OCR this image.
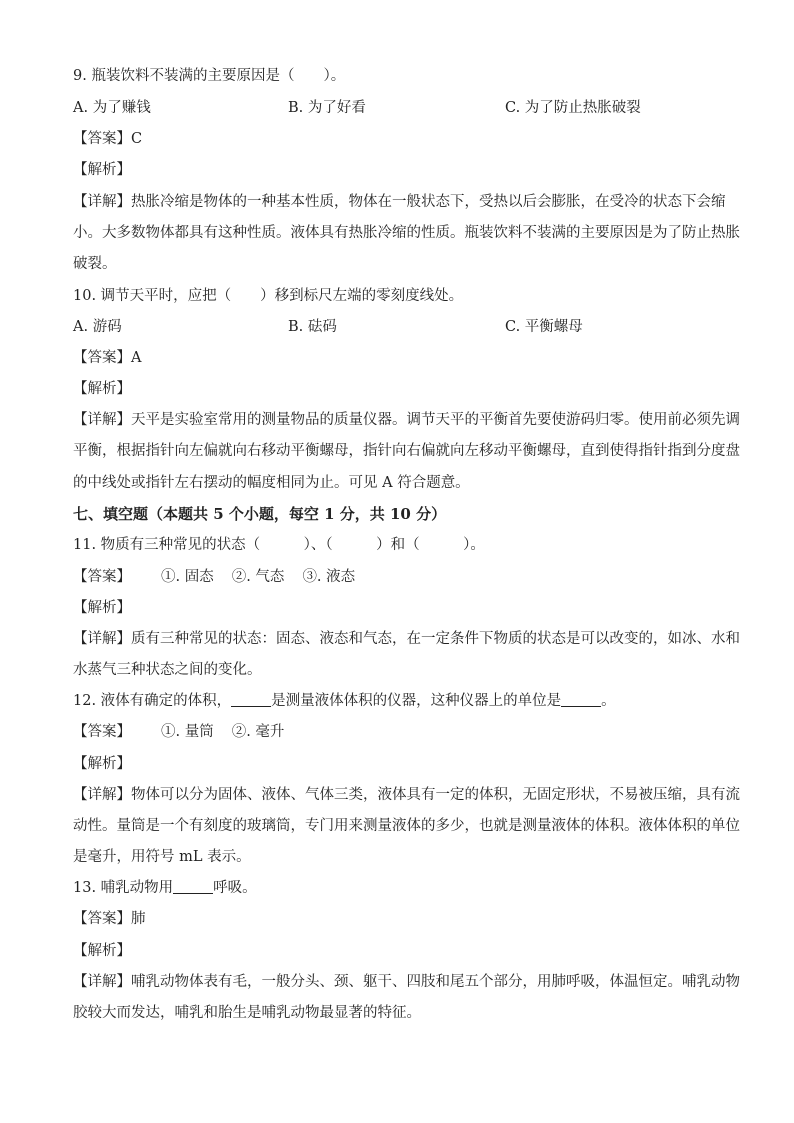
9. 瓶装饮料不装满的主要原因是（　　）。
A. 为了赚钱	B. 为了好看	C. 为了防止热胀破裂
【答案】C
【解析】
【详解】热胀冷缩是物体的一种基本性质，物体在一般状态下，受热以后会膨胀，在受冷的状态下会缩
小。大多数物体都具有这种性质。液体具有热胀冷缩的性质。瓶装饮料不装满的主要原因是为了防止热胀
破裂。
10. 调节天平时，应把（　　）移到标尺左端的零刻度线处。
A. 游码	B. 砝码	C. 平衡螺母
【答案】A
【解析】
【详解】天平是实验室常用的测量物品的质量仪器。调节天平的平衡首先要使游码归零。使用前必须先调
平衡，根据指针向左偏就向右移动平衡螺母，指针向右偏就向左移动平衡螺母，直到使得指针指到分度盘
的中线处或指针左右摆动的幅度相同为止。可见 A 符合题意。
七、填空题（本题共 5 个小题，每空 1 分，共 10 分）
11. 物质有三种常见的状态（　　　）、（　　　）和（　　　）。
【答案】 ①. 固态 ②. 气态 ③. 液态
【解析】
【详解】质有三种常见的状态：固态、液态和气态，在一定条件下物质的状态是可以改变的，如冰、水和
水蒸气三种状态之间的变化。
12. 液体有确定的体积，	是测量液体体积的仪器，这种仪器上的单位是	。
【答案】 ①. 量筒 ②. 毫升
【解析】
【详解】物体可以分为固体、液体、气体三类，液体具有一定的体积，无固定形状，不易被压缩，具有流
动性。量筒是一个有刻度的玻璃筒，专门用来测量液体的多少，也就是测量液体的体积。液体体积的单位
是毫升，用符号 mL 表示。
13. 哺乳动物用	呼吸。
【答案】肺
【解析】
【详解】哺乳动物体表有毛，一般分头、颈、躯干、四肢和尾五个部分，用肺呼吸，体温恒定。哺乳动物
胶较大而发达，哺乳和胎生是哺乳动物最显著的特征。
